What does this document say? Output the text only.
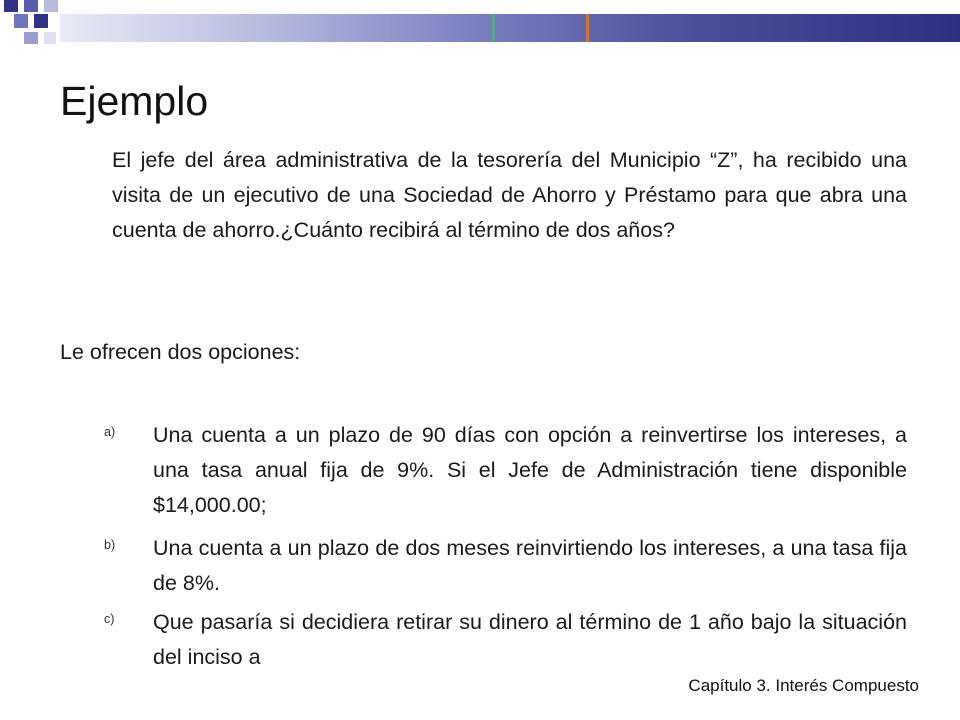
Ejemplo
El jefe del área administrativa de la tesorería del Municipio “Z”, ha recibido una visita de un ejecutivo de una Sociedad de Ahorro y Préstamo para que abra una cuenta de ahorro.¿Cuánto recibirá al término de dos años?
Le ofrecen dos opciones:
a) Una cuenta a un plazo de 90 días con opción a reinvertirse los intereses, a una tasa anual fija de 9%. Si el Jefe de Administración tiene disponible $14,000.00;
b) Una cuenta a un plazo de dos meses reinvirtiendo los intereses, a una tasa fija de 8%.
c) Que pasaría si decidiera retirar su dinero al término de 1 año bajo la situación del inciso a
Capítulo 3. Interés Compuesto
